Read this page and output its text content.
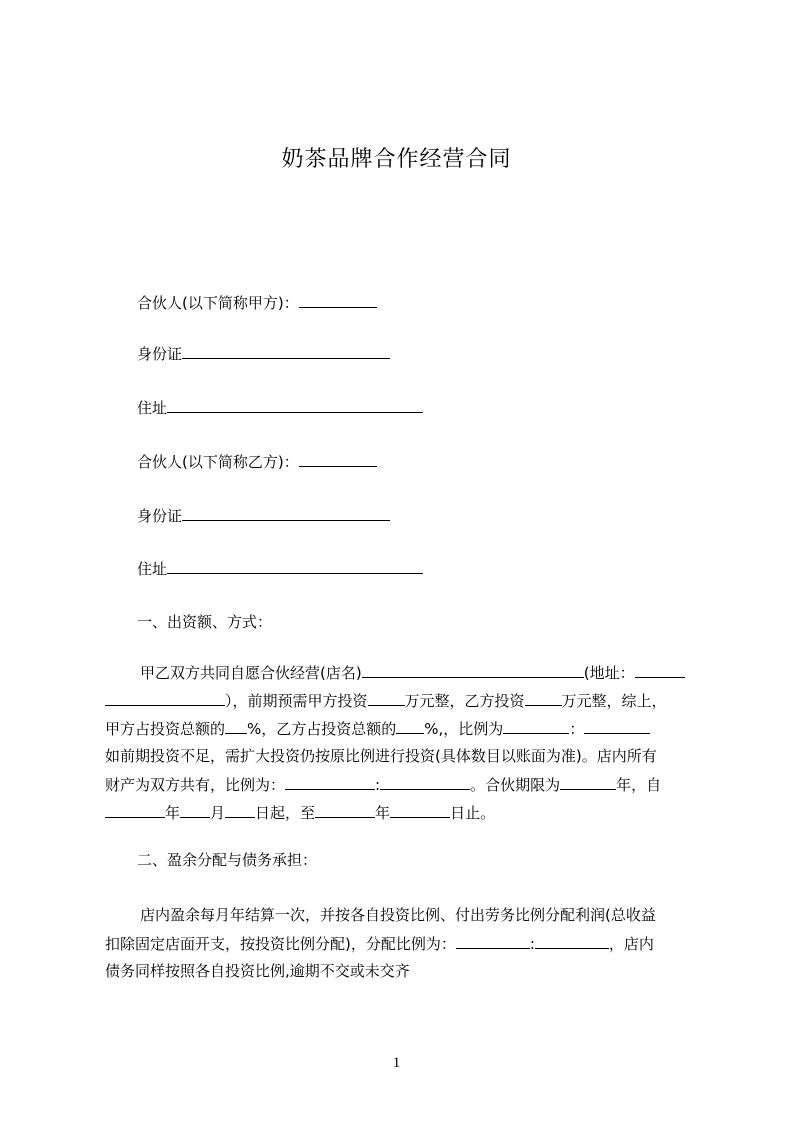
奶茶品牌合作经营合同
合伙人(以下简称甲方)：
身份证
住址
合伙人(以下简称乙方)：
身份证
住址
一、出资额、方式：
甲乙双方共同自愿合伙经营(店名)	(地址：
），前期预需甲方投资 万元整，乙方投资 万元整，综上，
甲方占投资总额的 %，乙方占投资总额的 %,，比例为	：
如前期投资不足，需扩大投资仍按原比例进行投资(具体数目以账面为准)。店内所有
财产为双方共有，比例为：	:	。合伙期限为	年，自
年 月 日起，至	年	日止。
二、盈余分配与债务承担：
店内盈余每月年结算一次，并按各自投资比例、付出劳务比例分配利润(总收益
扣除固定店面开支，按投资比例分配)，分配比例为：	:	，店内
债务同样按照各自投资比例,逾期不交或未交齐
1
